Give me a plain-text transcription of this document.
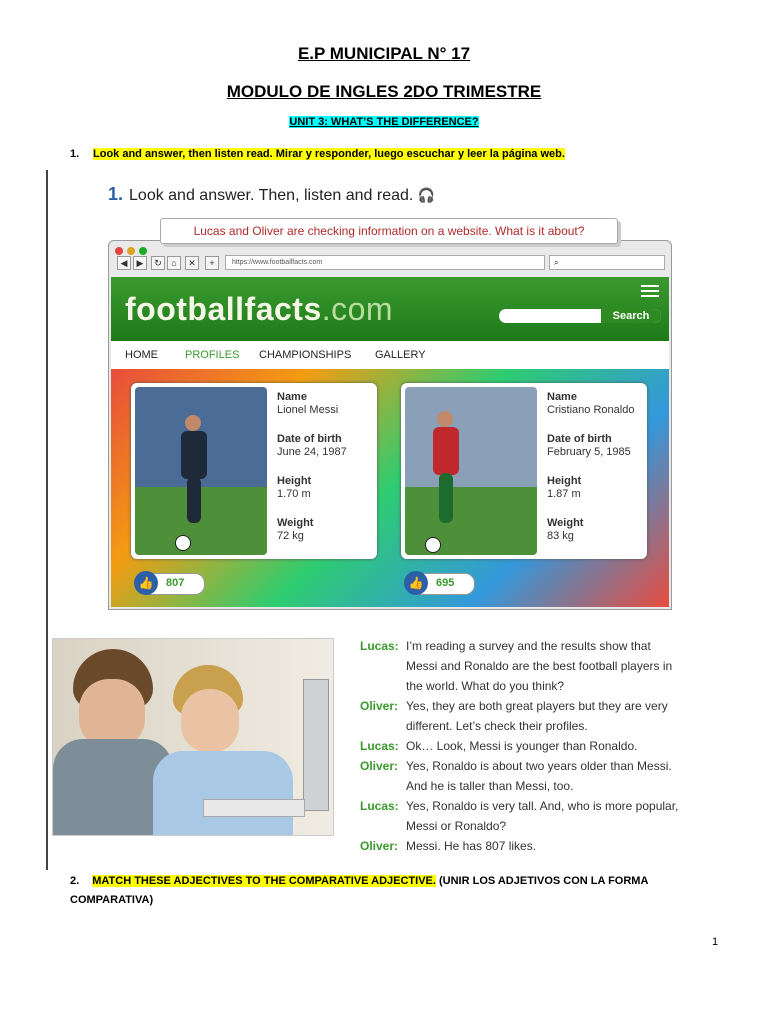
E.P MUNICIPAL N° 17
MODULO DE INGLES 2DO TRIMESTRE
UNIT 3: WHAT’S THE DIFFERENCE?
1. Look and answer, then listen read. Mirar y responder, luego escuchar y leer la página web.
1. Look and answer. Then, listen and read. 🎧
◀	▶	↻	⌂	✕	+	https://www.footballfacts.com	⌕
footballfacts.com	Search
HOME PROFILES CHAMPIONSHIPS GALLERY
Name
Lionel Messi
Date of birth
June 24, 1987
Height
1.70 m
Weight
72 kg
👍	807
Name
Cristiano Ronaldo
Date of birth
February 5, 1985
Height
1.87 m
Weight
83 kg
👍	695
Lucas and Oliver are checking information on a website. What is it about?
Lucas: I’m reading a survey and the results show that Messi and Ronaldo are the best football players in the world. What do you think?
Oliver: Yes, they are both great players but they are very different. Let’s check their profiles.
Lucas: Ok… Look, Messi is younger than Ronaldo.
Oliver: Yes, Ronaldo is about two years older than Messi. And he is taller than Messi, too.
Lucas: Yes, Ronaldo is very tall. And, who is more popular, Messi or Ronaldo?
Oliver: Messi. He has 807 likes.
2. MATCH THESE ADJECTIVES TO THE COMPARATIVE ADJECTIVE. (UNIR LOS ADJETIVOS CON LA FORMA COMPARATIVA)
1
